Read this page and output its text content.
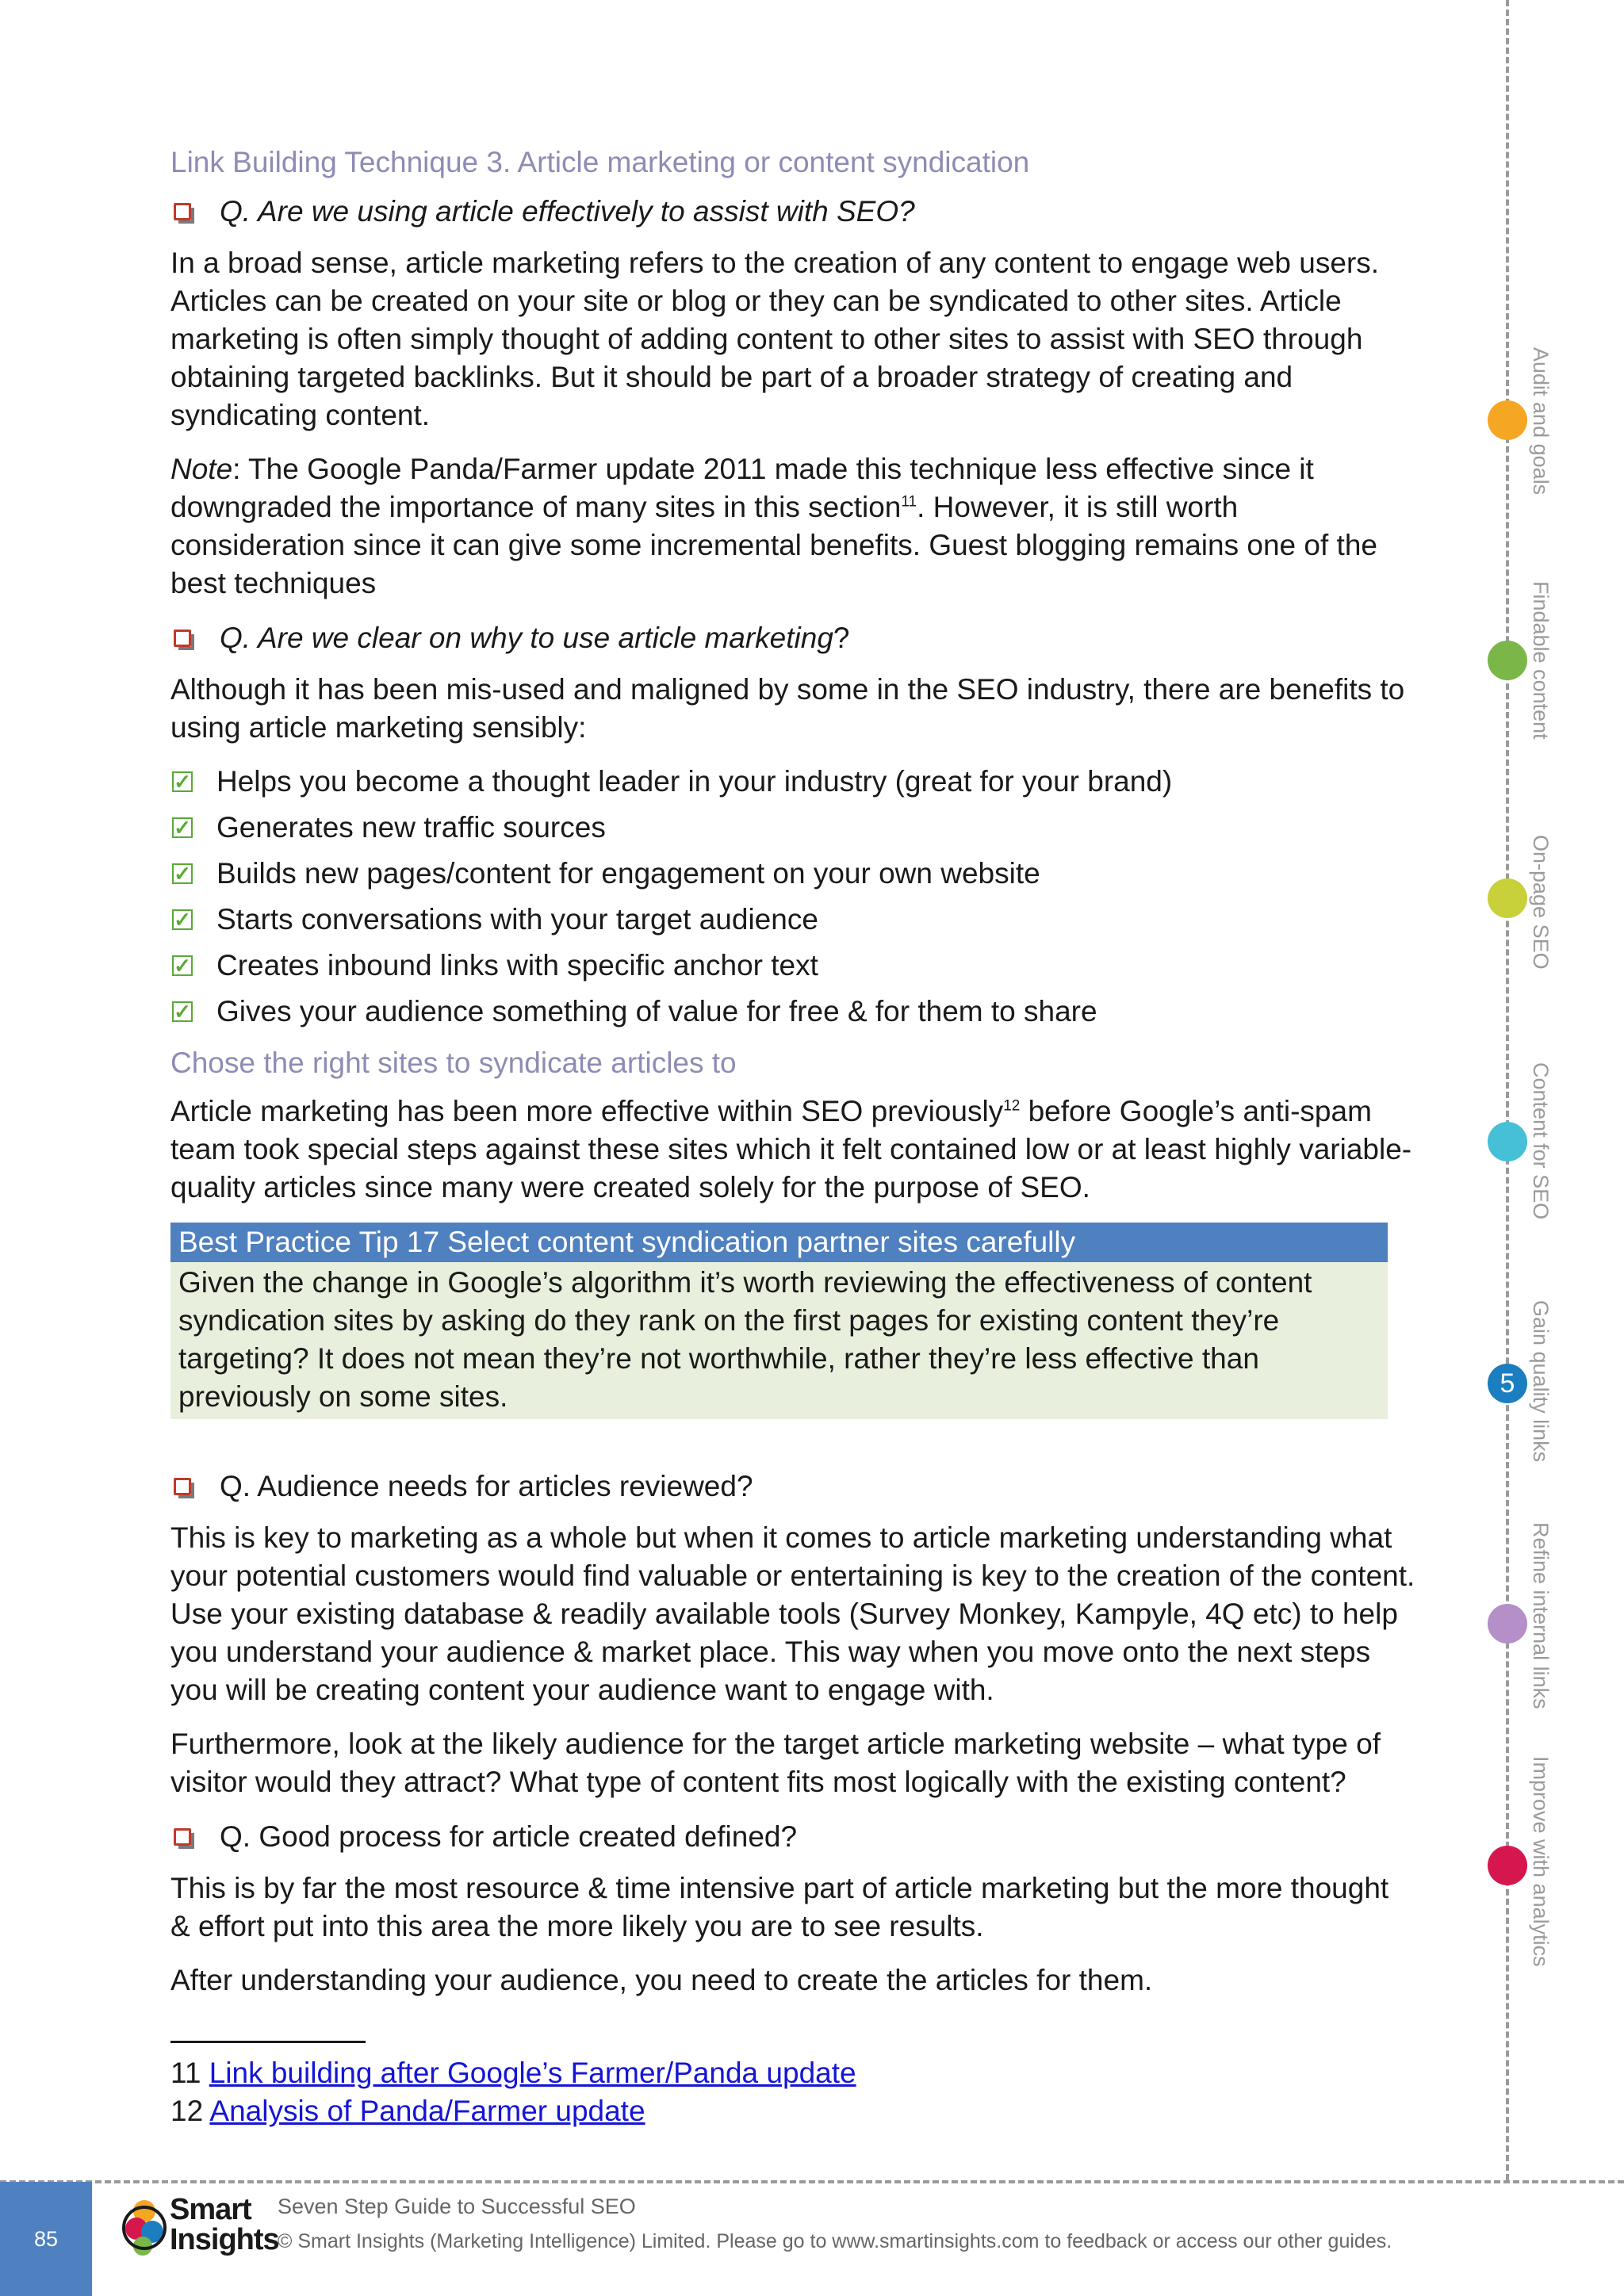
Link Building Technique 3. Article marketing or content syndication
Q. Are we using article effectively to assist with SEO?

In a broad sense, article marketing refers to the creation of any content to engage web users. Articles can be created on your site or blog or they can be syndicated to other sites. Article marketing is often simply thought of adding content to other sites to assist with SEO through obtaining targeted backlinks. But it should be part of a broader strategy of creating and syndicating content.

Note: The Google Panda/Farmer update 2011 made this technique less effective since it downgraded the importance of many sites in this section$^{11}$. However, it is still worth consideration since it can give some incremental benefits. Guest blogging remains one of the best techniques

Q. Are we clear on why to use article marketing ?

Although it has been mis-used and maligned by some in the SEO industry, there are benefits to using article marketing sensibly:

✓ Helps you become a thought leader in your industry (great for your brand)
✓ Generates new traffic sources
✓ Builds new pages/content for engagement on your own website
✓ Starts conversations with your target audience
✓ Creates inbound links with specific anchor text
✓ Gives your audience something of value for free & for them to share
Chose the right sites to syndicate articles to

Article marketing has been more effective within SEO previously$^{12}$ before Google’s anti-spam team took special steps against these sites which it felt contained low or at least highly variable-quality articles since many were created solely for the purpose of SEO.

Best Practice Tip 17 Select content syndication partner sites carefully
Given the change in Google’s algorithm it’s worth reviewing the effectiveness of content syndication sites by asking do they rank on the first pages for existing content they’re targeting? It does not mean they’re not worthwhile, rather they’re less effective than previously on some sites.
Q. Audience needs for articles reviewed?

This is key to marketing as a whole but when it comes to article marketing understanding what your potential customers would find valuable or entertaining is key to the creation of the content. Use your existing database & readily available tools (Survey Monkey, Kampyle, 4Q etc) to help you understand your audience & market place. This way when you move onto the next steps you will be creating content your audience want to engage with.

Furthermore, look at the likely audience for the target article marketing website – what type of visitor would they attract? What type of content fits most logically with the existing content?

Q. Good process for article created defined?

This is by far the most resource & time intensive part of article marketing but the more thought & effort put into this area the more likely you are to see results.

After understanding your audience, you need to create the articles for them.

11 Link building after Google’s Farmer/Panda update
12 Analysis of Panda/Farmer update
Audit and goals
Findable content
On-page SEO
Content for SEO
5 Gain quality links
Refine internal links
Improve with analytics
85
Smart
Insights
Seven Step Guide to Successful SEO
© Smart Insights (Marketing Intelligence) Limited. Please go to www.smartinsights.com to feedback or access our other guides.
